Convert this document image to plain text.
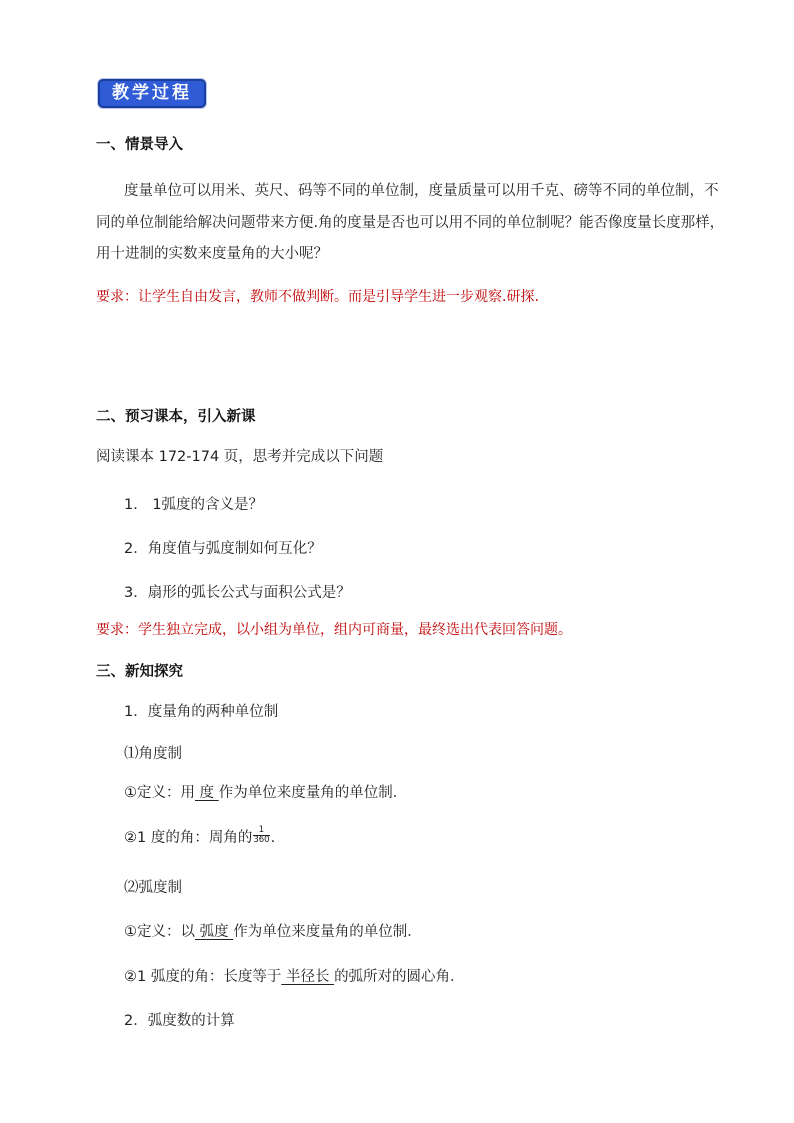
教学过程
一、情景导入
度量单位可以用米、英尺、码等不同的单位制，度量质量可以用千克、磅等不同的单位制，不
同的单位制能给解决问题带来方便.角的度量是否也可以用不同的单位制呢？能否像度量长度那样，
用十进制的实数来度量角的大小呢？
要求：让学生自由发言，教师不做判断。而是引导学生进一步观察.研探.
二、预习课本，引入新课
阅读课本 172-174 页，思考并完成以下问题
1． 1弧度的含义是？
2．角度值与弧度制如何互化？
3．扇形的弧长公式与面积公式是？
要求：学生独立完成，以小组为单位，组内可商量，最终选出代表回答问题。
三、新知探究
1．度量角的两种单位制
⑴角度制
①定义：用 度 作为单位来度量角的单位制．
②1 度的角：周角的 $\frac{1}{360}$ .
⑵弧度制
①定义：以 弧度 作为单位来度量角的单位制．
②1 弧度的角：长度等于 半径长 的弧所对的圆心角．
2．弧度数的计算
